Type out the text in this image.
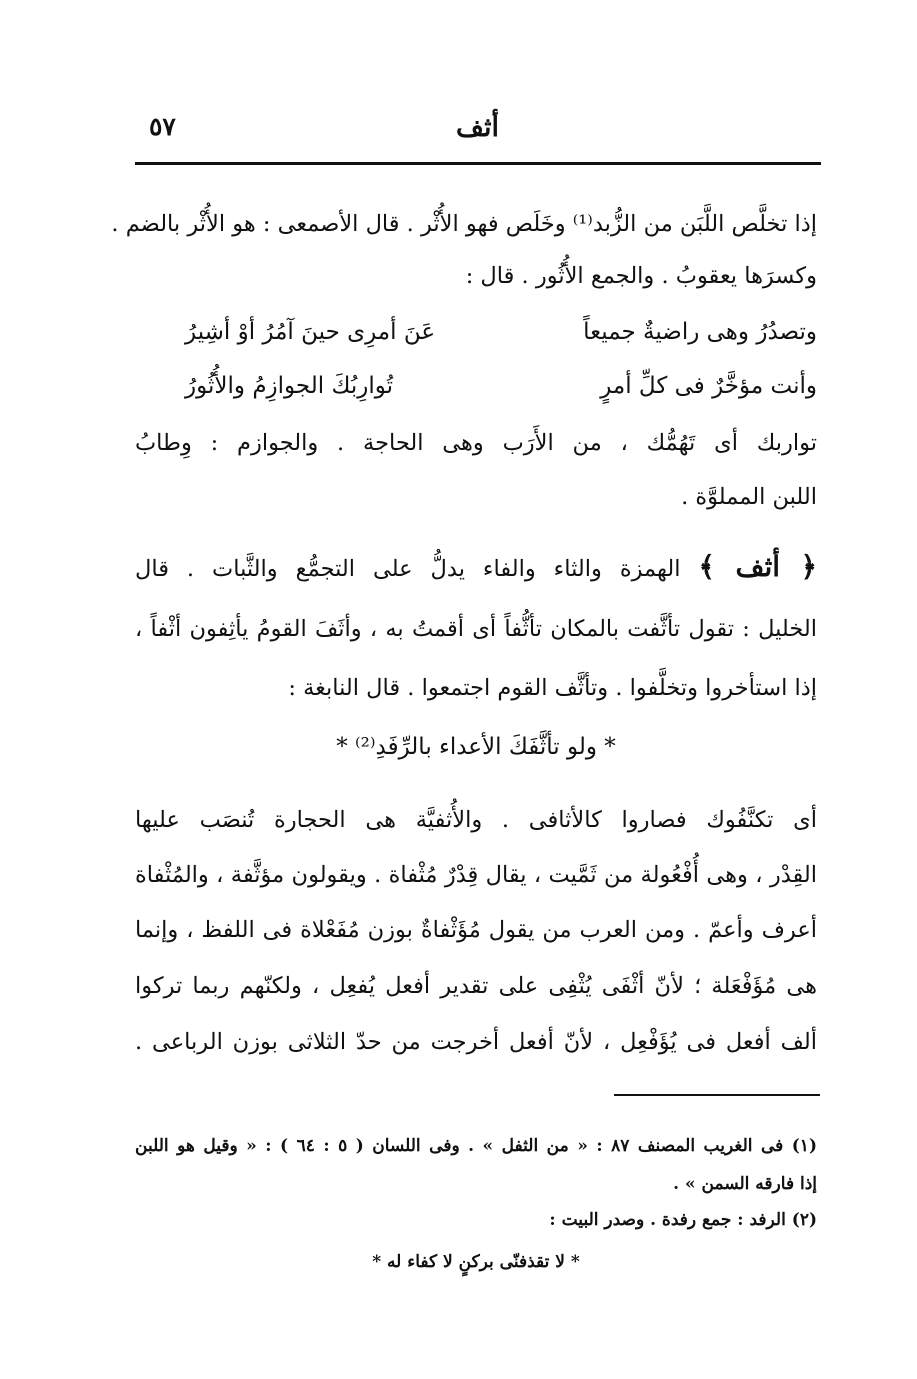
٥٧	أثف
إذا تخلَّص اللَّبَن من الزُّبد⁽¹⁾ وخَلَص فهو الأُثْر . قال الأصمعى : هو الأُثْر بالضم .
وكسرَها يعقوبُ . والجمع الأُثُور . قال :
وتصدُرُ وهى راضيةٌ جميعاً
عَنَ أمرِى حينَ آمُرُ أوْ أشِيرُ
وأنت مؤخَّرٌ فى كلِّ أمرٍ
تُوارِبُكَ الجوازِمُ والأُثُورُ
تواربك أى تَهُمُّك ، من الأَرَب وهى الحاجة . والجوازم : وِطابُ
اللبن المملوَّة .
﴿ أثف ﴾ الهمزة والثاء والفاء يدلُّ على التجمُّع والثَّبات . قال
الخليل : تقول تأثَّفت بالمكان تأثُّفاً أى أقمتُ به ، وأثَفَ القومُ يأثِفون أثْفاً ،
إذا استأخروا وتخلَّفوا . وتأثَّف القوم اجتمعوا . قال النابغة :
* ولو تأثَّفَكَ الأعداء بالرِّفَدِ⁽²⁾ *
أى تكنَّفُوك فصاروا كالأثافى . والأُثفيَّة هى الحجارة تُنصَب عليها
القِدْر ، وهى أُفْعُولة من ثَمَّيت ، يقال قِدْرٌ مُثْفاة . ويقولون مؤثَّفة ، والمُثْفاة
أعرف وأعمّ . ومن العرب من يقول مُؤَثْفاةٌ بوزن مُفَعْلاة فى اللفظ ، وإنما
هى مُؤَفْعَلة ؛ لأنّ أثْفَى يُثْفِى على تقدير أفعل يُفعِل ، ولكنّهم ربما تركوا
ألف أفعل فى يُؤَفْعِل ، لأنّ أفعل أخرجت من حدّ الثلاثى بوزن الرباعى .
(١) فى الغريب المصنف ٨٧ : « من الثفل » . وفى اللسان ( ٥ : ٦٤ ) : « وقيل هو اللبن
إذا فارقه السمن » .
(٢) الرفد : جمع رفدة . وصدر البيت :
* لا تقذفنّى بركنٍ لا كفاء له *
